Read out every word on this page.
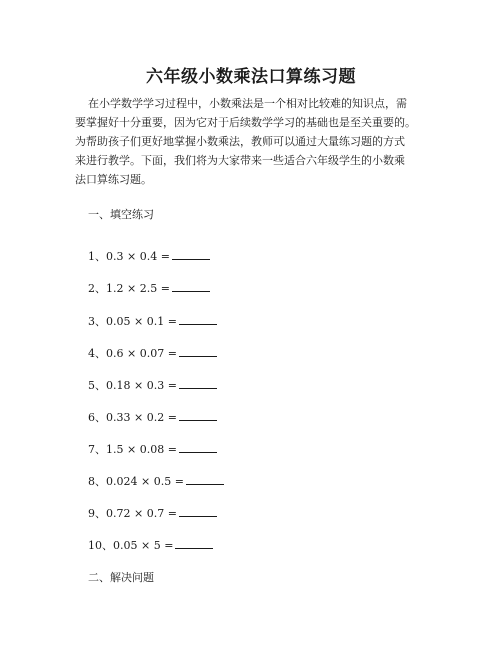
六年级小数乘法口算练习题
在小学数学学习过程中，小数乘法是一个相对比较难的知识点，需
要掌握好十分重要，因为它对于后续数学学习的基础也是至关重要的。
为帮助孩子们更好地掌握小数乘法，教师可以通过大量练习题的方式
来进行教学。下面，我们将为大家带来一些适合六年级学生的小数乘
法口算练习题。
一、填空练习
1、0.3 × 0.4 =
2、1.2 × 2.5 =
3、0.05 × 0.1 =
4、0.6 × 0.07 =
5、0.18 × 0.3 =
6、0.33 × 0.2 =
7、1.5 × 0.08 =
8、0.024 × 0.5 =
9、0.72 × 0.7 =
10、0.05 × 5 =
二、解决问题
